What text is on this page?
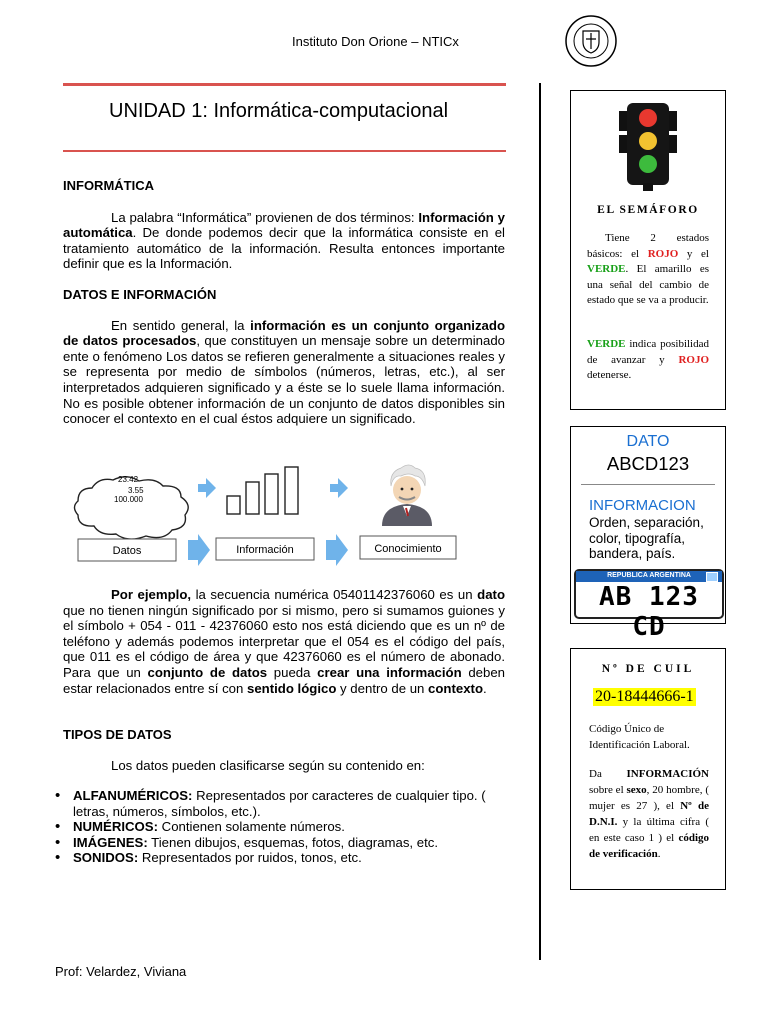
Instituto Don Orione – NTICx
UNIDAD 1: Informática-computacional
INFORMÁTICA

La palabra “Informática” provienen de dos términos: Información y automática. De donde podemos decir que la informática consiste en el tratamiento automático de la información. Resulta entonces importante definir que es la Información.

DATOS E INFORMACIÓN

En sentido general, la información es un conjunto organizado de datos procesados, que constituyen un mensaje sobre un determinado ente o fenómeno Los datos se refieren generalmente a situaciones reales y se representa por medio de símbolos (números, letras, etc.), al ser interpretados adquieren significado y a éste se lo suele llama información. No es posible obtener información de un conjunto de datos disponibles sin conocer el contexto en el cual éstos adquiere un significado.

23.42
3.55
100.000
Datos	Información	Conocimiento

Por ejemplo, la secuencia numérica 05401142376060 es un dato que no tienen ningún significado por si mismo, pero si sumamos guiones y el símbolo + 054 - 011 - 42376060 esto nos está diciendo que es un nº de teléfono y además podemos interpretar que el 054 es el código del país, que 011 es el código de área y que 42376060 es el número de abonado. Para que un conjunto de datos pueda crear una información deben estar relacionados entre sí con sentido lógico y dentro de un contexto.

TIPOS DE DATOS

Los datos pueden clasificarse según su contenido en:

• ALFANUMÉRICOS: Representados por caracteres de cualquier tipo. ( letras, números, símbolos, etc.).
• NUMÉRICOS: Contienen solamente números.
• IMÁGENES: Tienen dibujos, esquemas, fotos, diagramas, etc.
• SONIDOS: Representados por ruidos, tonos, etc.
EL SEMÁFORO
Tiene 2 estados básicos: el ROJO y el VERDE. El amarillo es una señal del cambio de estado que se va a producir.
VERDE indica posibilidad de avanzar y ROJO detenerse.
DATO
ABCD123
INFORMACION
Orden, separación, color, tipografía, bandera, país.
REPUBLICA ARGENTINA
AB 123 CD
Nº DE CUIL
20-18444666-1
Código Único de Identificación Laboral.
Da INFORMACIÓN sobre el sexo, 20 hombre, ( mujer es 27 ), el Nº de D.N.I. y la última cifra ( en este caso 1 ) el código de verificación.
Prof: Velardez, Viviana
